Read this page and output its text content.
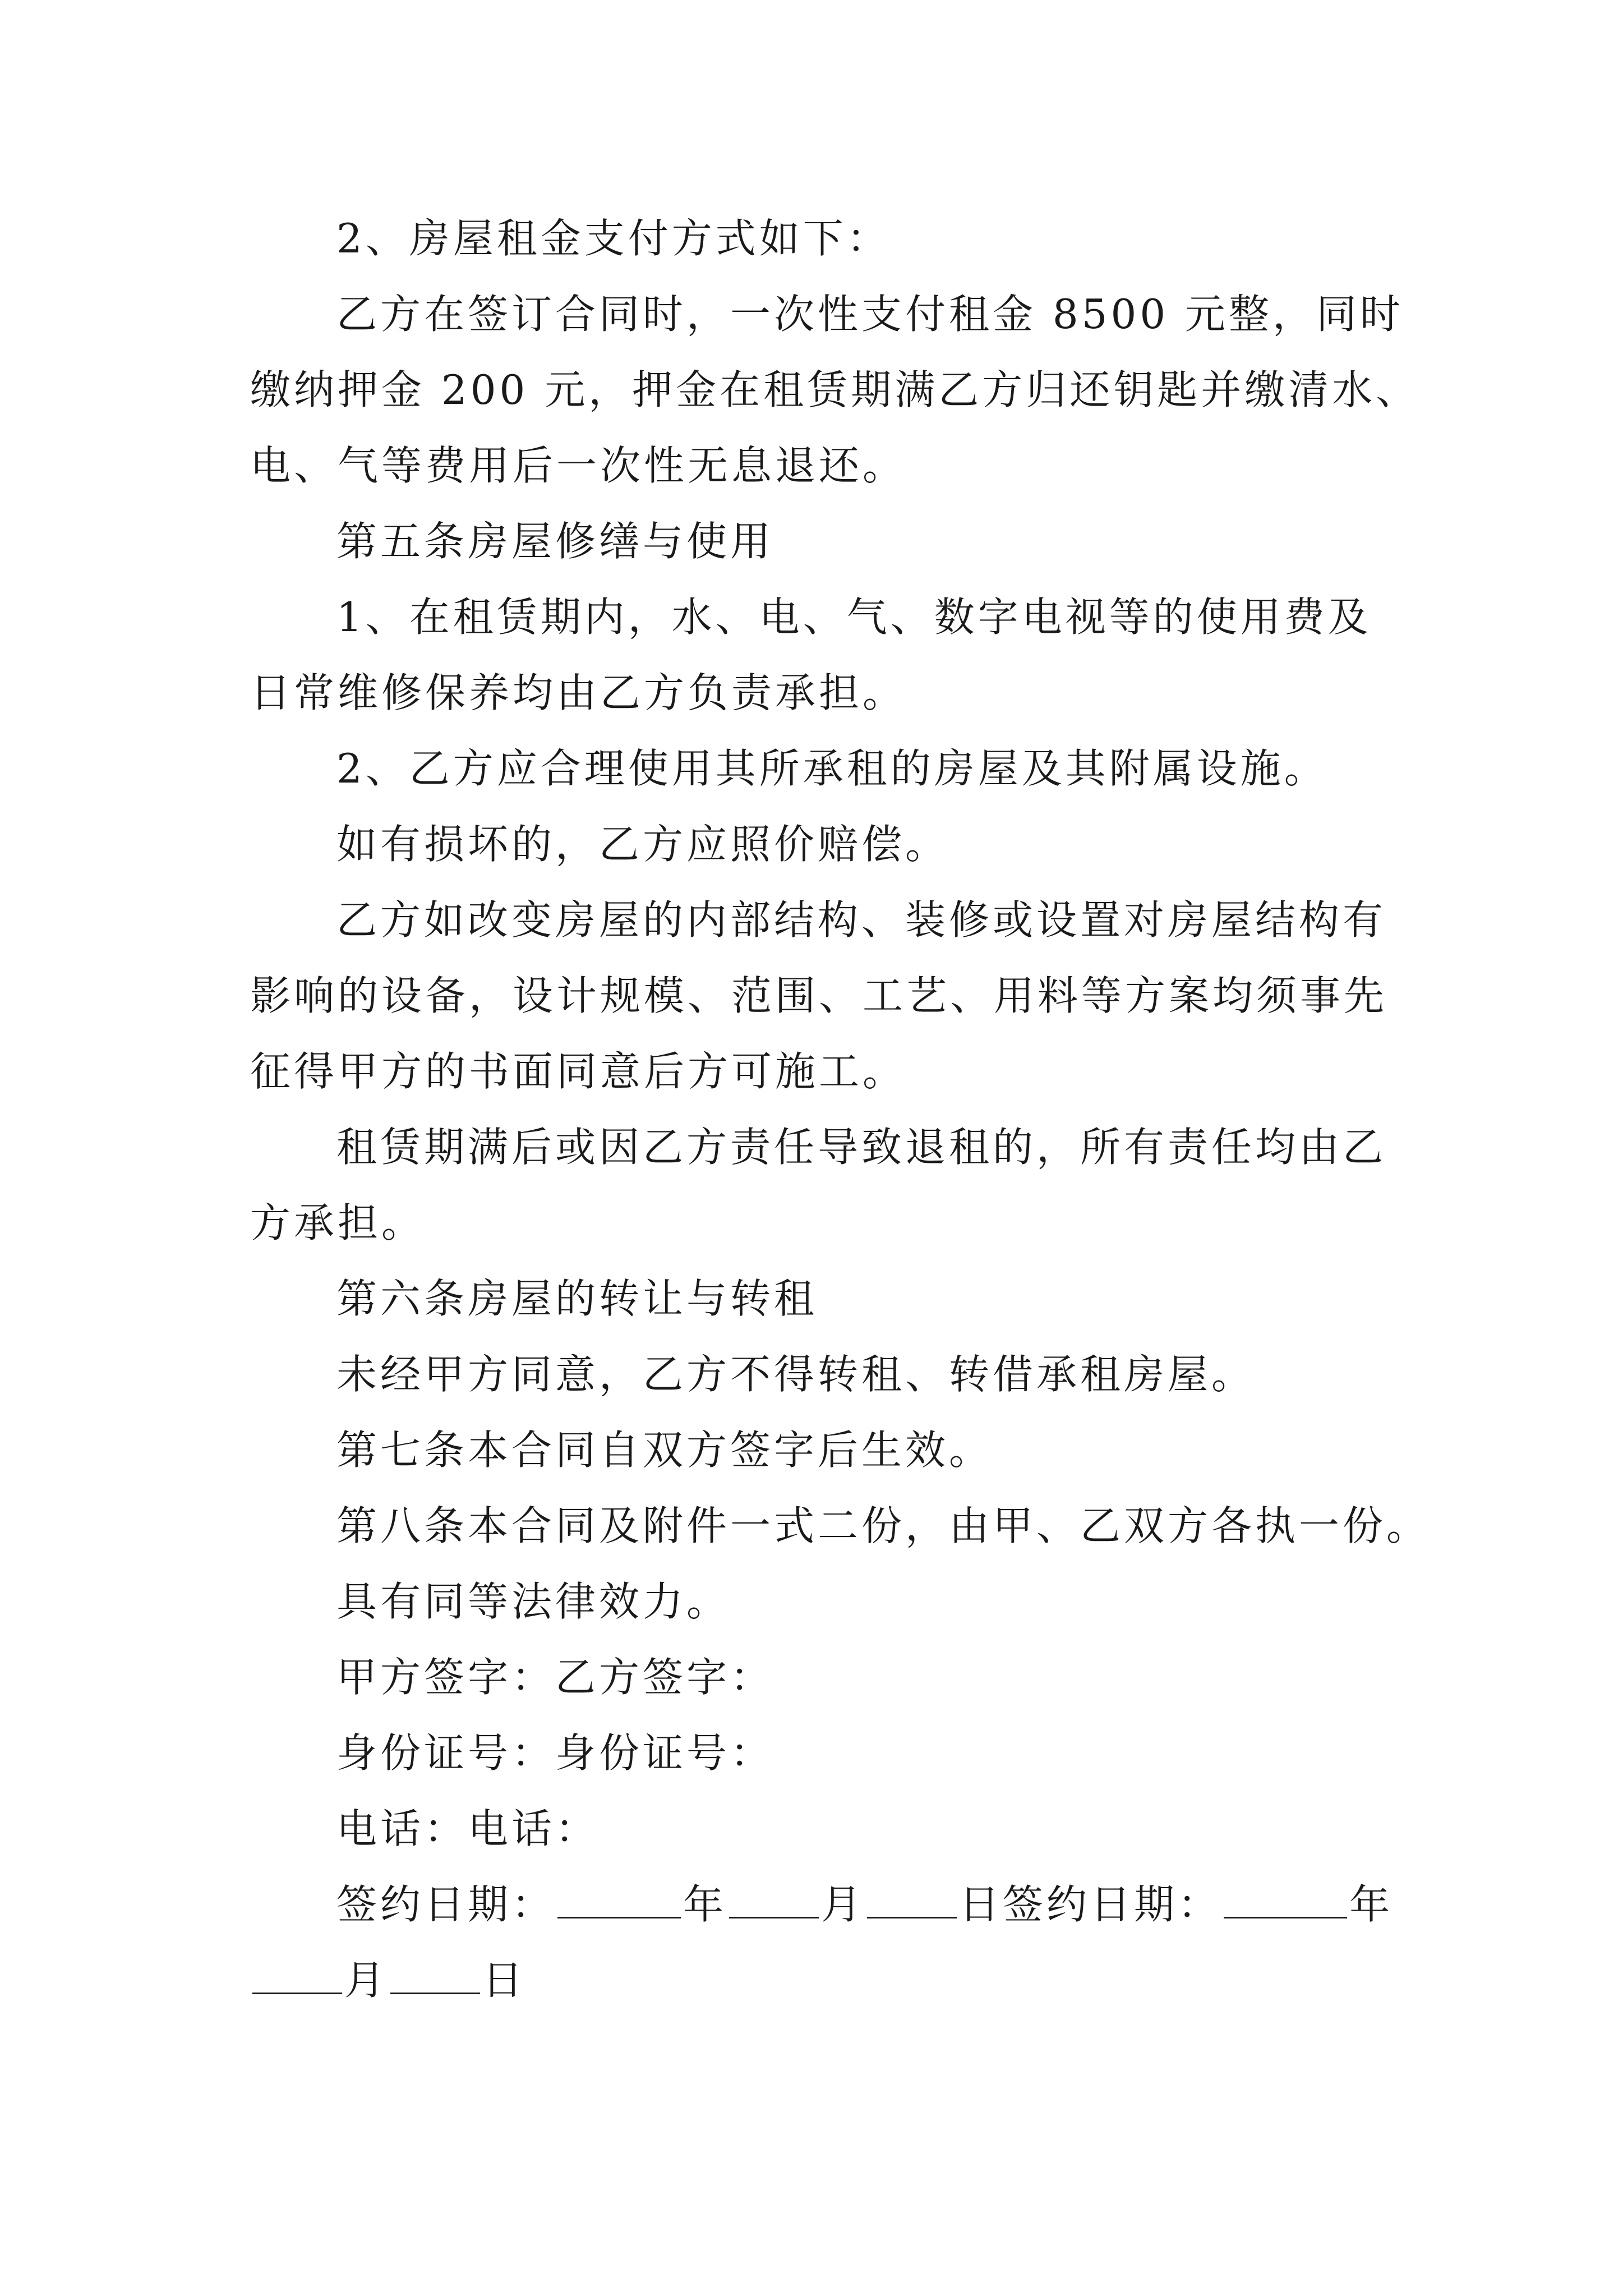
2、房屋租金支付方式如下：
乙方在签订合同时，一次性支付租金 8500 元整，同时
缴纳押金 200 元，押金在租赁期满乙方归还钥匙并缴清水、
电、气等费用后一次性无息退还。
第五条房屋修缮与使用
1、在租赁期内，水、电、气、数字电视等的使用费及
日常维修保养均由乙方负责承担。
2、乙方应合理使用其所承租的房屋及其附属设施。
如有损坏的，乙方应照价赔偿。
乙方如改变房屋的内部结构、装修或设置对房屋结构有
影响的设备，设计规模、范围、工艺、用料等方案均须事先
征得甲方的书面同意后方可施工。
租赁期满后或因乙方责任导致退租的，所有责任均由乙
方承担。
第六条房屋的转让与转租
未经甲方同意，乙方不得转租、转借承租房屋。
第七条本合同自双方签字后生效。
第八条本合同及附件一式二份，由甲、乙双方各执一份。
具有同等法律效力。
甲方签字：乙方签字：
身份证号：身份证号：
电话：电话：
签约日期：	年 月 日签约日期：	年
月 日
